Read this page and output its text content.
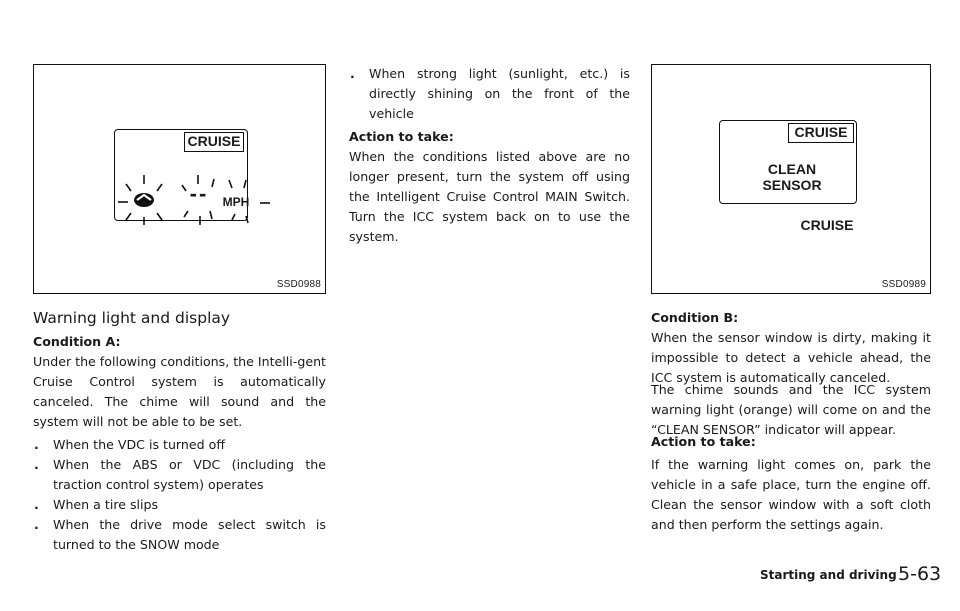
CRUISE
--	MPH
SSD0988
Warning light and display

Condition A:

Under the following conditions, the Intelli-gent Cruise Control system is automatically canceled. The chime will sound and the system will not be able to be set.

. When the VDC is turned off
. When the ABS or VDC (including the traction control system) operates
. When a tire slips
. When the drive mode select switch is turned to the SNOW mode
. When strong light (sunlight, etc.) is directly shining on the front of the vehicle

Action to take:

When the conditions listed above are no longer present, turn the system off using the Intelligent Cruise Control MAIN Switch. Turn the ICC system back on to use the system.

CRUISE
CLEAN
SENSOR
CRUISE
SSD0989

Condition B:

When the sensor window is dirty, making it impossible to detect a vehicle ahead, the ICC system is automatically canceled.

The chime sounds and the ICC system warning light (orange) will come on and the “CLEAN SENSOR” indicator will appear.

Action to take:

If the warning light comes on, park the vehicle in a safe place, turn the engine off. Clean the sensor window with a soft cloth and then perform the settings again.

Starting and driving 5-63
